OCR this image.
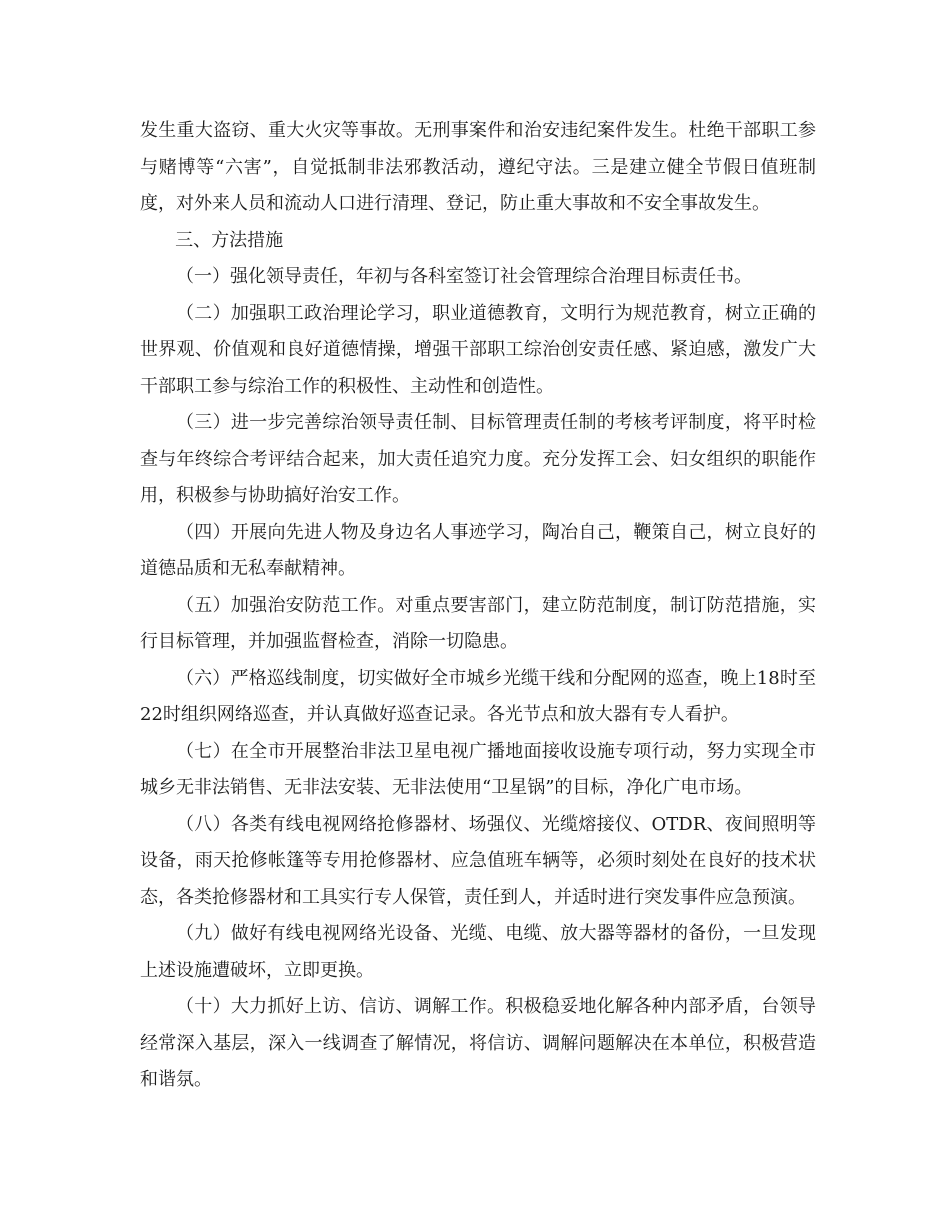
发生重大盗窃、重大火灾等事故。无刑事案件和治安违纪案件发生。杜绝干部职工参与赌博等“六害”，自觉抵制非法邪教活动，遵纪守法。三是建立健全节假日值班制度，对外来人员和流动人口进行清理、登记，防止重大事故和不安全事故发生。

三、方法措施

（一）强化领导责任，年初与各科室签订社会管理综合治理目标责任书。

（二）加强职工政治理论学习，职业道德教育，文明行为规范教育，树立正确的世界观、价值观和良好道德情操，增强干部职工综治创安责任感、紧迫感，激发广大干部职工参与综治工作的积极性、主动性和创造性。

（三）进一步完善综治领导责任制、目标管理责任制的考核考评制度，将平时检查与年终综合考评结合起来，加大责任追究力度。充分发挥工会、妇女组织的职能作用，积极参与协助搞好治安工作。

（四）开展向先进人物及身边名人事迹学习，陶冶自己，鞭策自己，树立良好的道德品质和无私奉献精神。

（五）加强治安防范工作。对重点要害部门，建立防范制度，制订防范措施，实行目标管理，并加强监督检查，消除一切隐患。

（六）严格巡线制度，切实做好全市城乡光缆干线和分配网的巡查，晚上18时至22时组织网络巡查，并认真做好巡查记录。各光节点和放大器有专人看护。

（七）在全市开展整治非法卫星电视广播地面接收设施专项行动，努力实现全市城乡无非法销售、无非法安装、无非法使用“卫星锅”的目标，净化广电市场。

（八）各类有线电视网络抢修器材、场强仪、光缆熔接仪、OTDR、夜间照明等设备，雨天抢修帐篷等专用抢修器材、应急值班车辆等，必须时刻处在良好的技术状态，各类抢修器材和工具实行专人保管，责任到人，并适时进行突发事件应急预演。

（九）做好有线电视网络光设备、光缆、电缆、放大器等器材的备份，一旦发现上述设施遭破坏，立即更换。

（十）大力抓好上访、信访、调解工作。积极稳妥地化解各种内部矛盾，台领导经常深入基层，深入一线调查了解情况，将信访、调解问题解决在本单位，积极营造和谐氛。
